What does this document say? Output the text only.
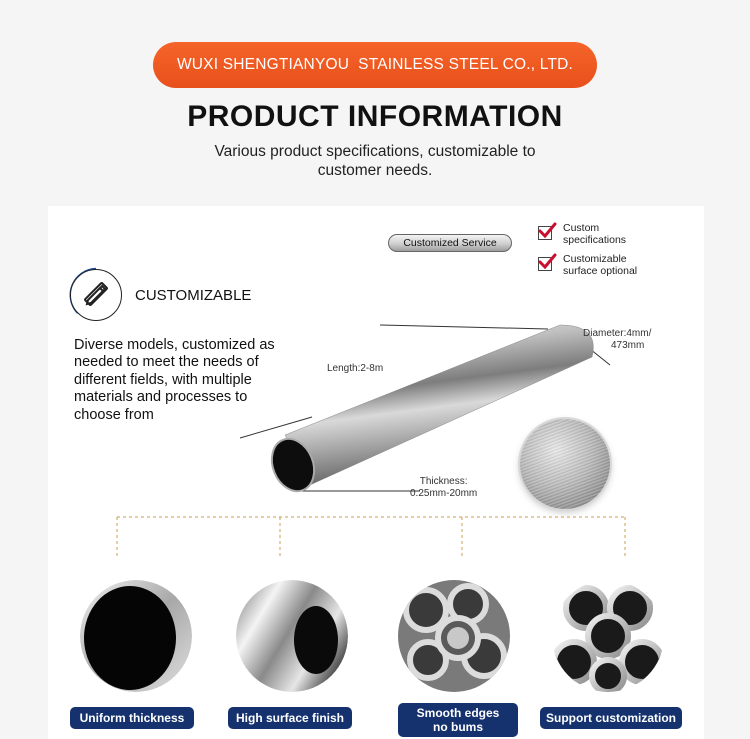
WUXI SHENGTIANYOU  STAINLESS STEEL CO., LTD.
PRODUCT INFORMATION
Various product specifications, customizable to customer needs.
Customized Service
Custom
specifications
Customizable
surface optional
CUSTOMIZABLE
Diverse models, customized as needed to meet the needs of different fields, with multiple materials and processes to choose from
Diameter:4mm/
473mm
Length:2-8m
Thickness:
0.25mm-20mm
Uniform thickness	High surface finish	Smooth edges
no bums
Support customization
